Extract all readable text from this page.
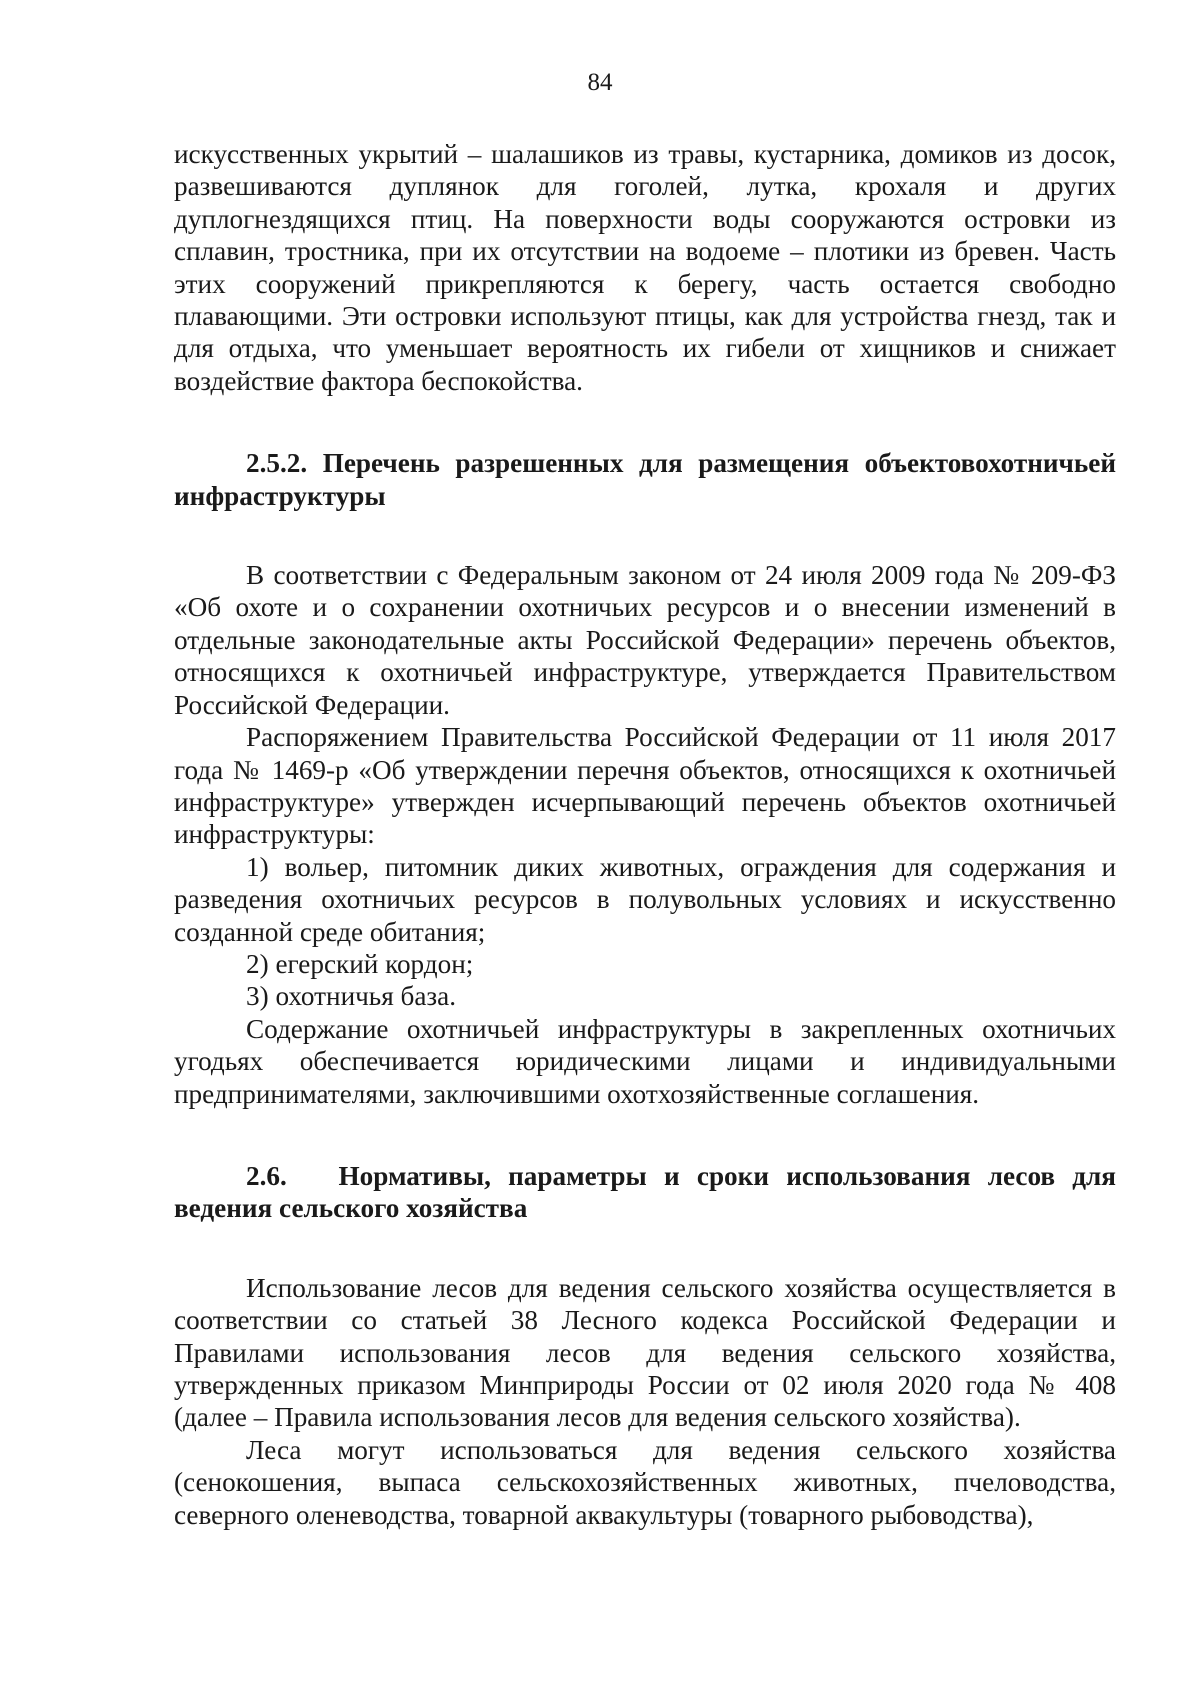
84

искусственных укрытий – шалашиков из травы, кустарника, домиков из досок, развешиваются дуплянок для гоголей, лутка, крохаля и других дуплогнездящихся птиц. На поверхности воды сооружаются островки из сплавин, тростника, при их отсутствии на водоеме – плотики из бревен. Часть этих сооружений прикрепляются к берегу, часть остается свободно плавающими. Эти островки используют птицы, как для устройства гнезд, так и для отдыха, что уменьшает вероятность их гибели от хищников и снижает воздействие фактора беспокойства.

2.5.2. Перечень разрешенных для размещения объектовохотничьей инфраструктуры

В соответствии с Федеральным законом от 24 июля 2009 года № 209-ФЗ «Об охоте и о сохранении охотничьих ресурсов и о внесении изменений в отдельные законодательные акты Российской Федерации» перечень объектов, относящихся к охотничьей инфраструктуре, утверждается Правительством Российской Федерации.

Распоряжением Правительства Российской Федерации от 11 июля 2017 года № 1469-р «Об утверждении перечня объектов, относящихся к охотничьей инфраструктуре» утвержден исчерпывающий перечень объектов охотничьей инфраструктуры:

1) вольер, питомник диких животных, ограждения для содержания и разведения охотничьих ресурсов в полувольных условиях и искусственно созданной среде обитания;

2) егерский кордон;

3) охотничья база.

Содержание охотничьей инфраструктуры в закрепленных охотничьих угодьях обеспечивается юридическими лицами и индивидуальными предпринимателями, заключившими охотхозяйственные соглашения.

2.6. Нормативы, параметры и сроки использования лесов для ведения сельского хозяйства

Использование лесов для ведения сельского хозяйства осуществляется в соответствии со статьей 38 Лесного кодекса Российской Федерации и Правилами использования лесов для ведения сельского хозяйства, утвержденных приказом Минприроды России от 02 июля 2020 года № 408 (далее – Правила использования лесов для ведения сельского хозяйства).

Леса могут использоваться для ведения сельского хозяйства (сенокошения, выпаса сельскохозяйственных животных, пчеловодства, северного оленеводства, товарной аквакультуры (товарного рыбоводства),
